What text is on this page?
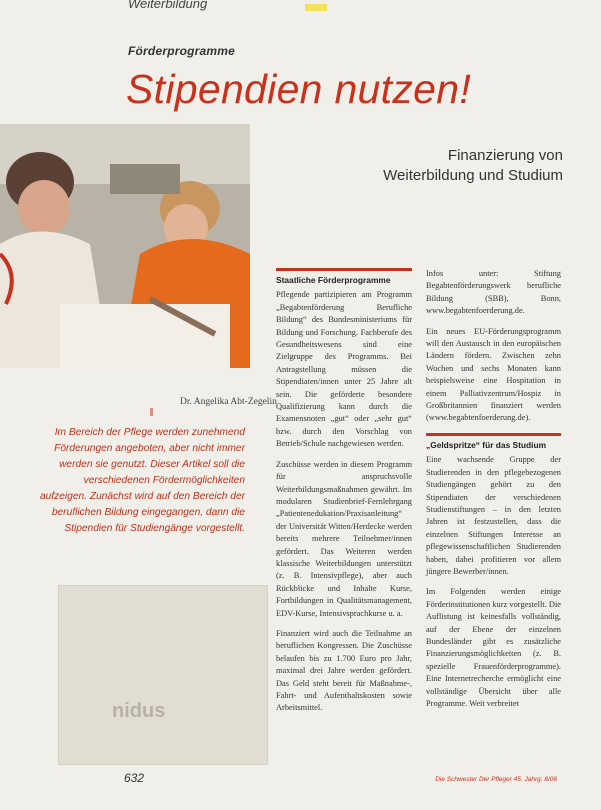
Weiterbildung
Förderprogramme
Stipendien nutzen!
Finanzierung von
Weiterbildung und Studium
Dr. Angelika Abt-Zegelin
Im Bereich der Pflege werden zunehmend Förderungen angeboten, aber nicht immer werden sie genutzt. Dieser Artikel soll die verschiedenen Fördermöglichkeiten aufzeigen. Zunächst wird auf den Bereich der beruflichen Bildung eingegangen, dann die Stipendien für Studiengänge vorgestellt.
nidus
Staatliche Förderprogramme

Pflegende partizipieren am Programm „Begabtenförderung Berufliche Bildung“ des Bundesministeriums für Bildung und Forschung. Fachberufe des Gesundheitswesens sind eine Zielgruppe des Programms. Bei Antragstellung müssen die Stipendiaten/innen unter 25 Jahre alt sein. Die geförderte besondere Qualifizierung kann durch die Examensnoten „gut“ oder „sehr gut“ bzw. durch den Vorschlag von Betrieb/Schule nachgewiesen werden.

Zuschüsse werden in diesem Programm für anspruchsvolle Weiterbildungsmaßnahmen gewährt. Im modularen Studienbrief-Fernlehrgang „Patientenedukation/Praxisanleitung“ der Universität Witten/Herdecke werden bereits mehrere Teilnehmer/innen gefördert. Das Weiteren werden klassische Weiterbildungen unterstützt (z. B. Intensivpflege), aber auch Rückblicke und Inhalte Kurse, Fortbildungen in Qualitätsmanagement, EDV-Kurse, Intensivsprachkurse u. a.

Finanziert wird auch die Teilnahme an beruflichen Kongressen. Die Zuschüsse belaufen bis zu 1.700 Euro pro Jahr, maximal drei Jahre werden gefördert. Das Geld steht bereit für Maßnahme-, Fahrt- und Aufenthaltskosten sowie Arbeitsmittel.

Infos unter: Stiftung Begabtenförderungswerk berufliche Bildung (SBB), Bonn, www.begabtenfoerderung.de.

Ein neues EU-Förderungsprogramm will den Austausch in den europäischen Ländern fördern. Zwischen zehn Wochen und sechs Monaten kann beispielsweise eine Hospitation in einem Palliativzentrum/Hospiz in Großbritannien finanziert werden (www.begabtenfoerderung.de).

„Geldspritze“ für das Studium

Eine wachsende Gruppe der Studierenden in den pflegebezogenen Studiengängen gehört zu den Stipendiaten der verschiedenen Studienstiftungen – in den letzten Jahren ist festzustellen, dass die einzelnen Stiftungen Interesse an pflegewissenschaftlichen Studierenden haben, dabei profitieren vor allem jüngere Bewerber/innen.

Im Folgenden werden einige Förderinstitutionen kurz vorgestellt. Die Auflistung ist keinesfalls vollständig, auf der Ebene der einzelnen Bundesländer gibt es zusätzliche Finanzierungsmöglichkeiten (z. B. spezielle Frauenförderprogramme). Eine Internetrecherche ermöglicht eine vollständige Übersicht über alle Programme. Weit verbreitet

632	Die Schwester Der Pfleger 45. Jahrg. 8/06
